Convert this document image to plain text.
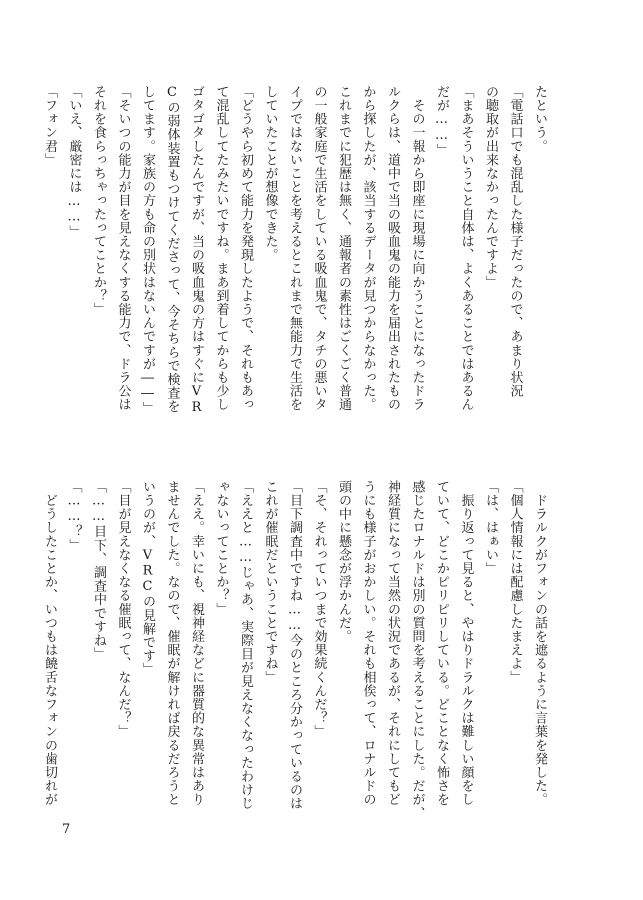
たという。

「電話口でも混乱した様子だったので、あまり状況

の聴取が出来なかったんですよ」

「まあそういうこと自体は、よくあることではあるん

だが……」

　その一報から即座に現場に向かうことになったドラ

ルクらは、道中で当の吸血鬼の能力を届出されたもの

から探したが、該当するデータが見つからなかった。

これまでに犯歴は無く、通報者の素性はごくごく普通

の一般家庭で生活をしている吸血鬼で、タチの悪いタ

イプではないことを考えるとこれまで無能力で生活を

していたことが想像できた。

「どうやら初めて能力を発現したようで、それもあっ

て混乱してたみたいですね。まあ到着してからも少し

ゴタゴタしたんですが、当の吸血鬼の方はすぐにVR

Cの弱体装置もつけてくださって、今そちらで検査を

してます。家族の方も命の別状はないんですが――」

「そいつの能力が目を見えなくする能力で、ドラ公は

それを食らっちゃったってことか？」

「いえ、厳密には……」

「フォン君」

　ドラルクがフォンの話を遮るように言葉を発した。

「個人情報には配慮したまえよ」

「は、はぁい」

　振り返って見ると、やはりドラルクは難しい顔をし

ていて、どこかピリピリしている。どことなく怖さを

感じたロナルドは別の質問を考えることにした。だが、

神経質になって当然の状況であるが、それにしてもど

うにも様子がおかしい。それも相俟って、ロナルドの

頭の中に懸念が浮かんだ。

「そ、それっていつまで効果続くんだ？」

「目下調査中ですね……今のところ分かっているのは

これが催眠だということですね」

「ええと……じゃあ、実際目が見えなくなったわけじ

ゃないってことか？」

「ええ。幸いにも、視神経などに器質的な異常はあり

ませんでした。なので、催眠が解ければ戻るだろうと

いうのが、VRCの見解です」

「目が見えなくなる催眠って、なんだ？」

「……目下、調査中ですね」

「……？」

　どうしたことか、いつもは饒舌なフォンの歯切れが

7
